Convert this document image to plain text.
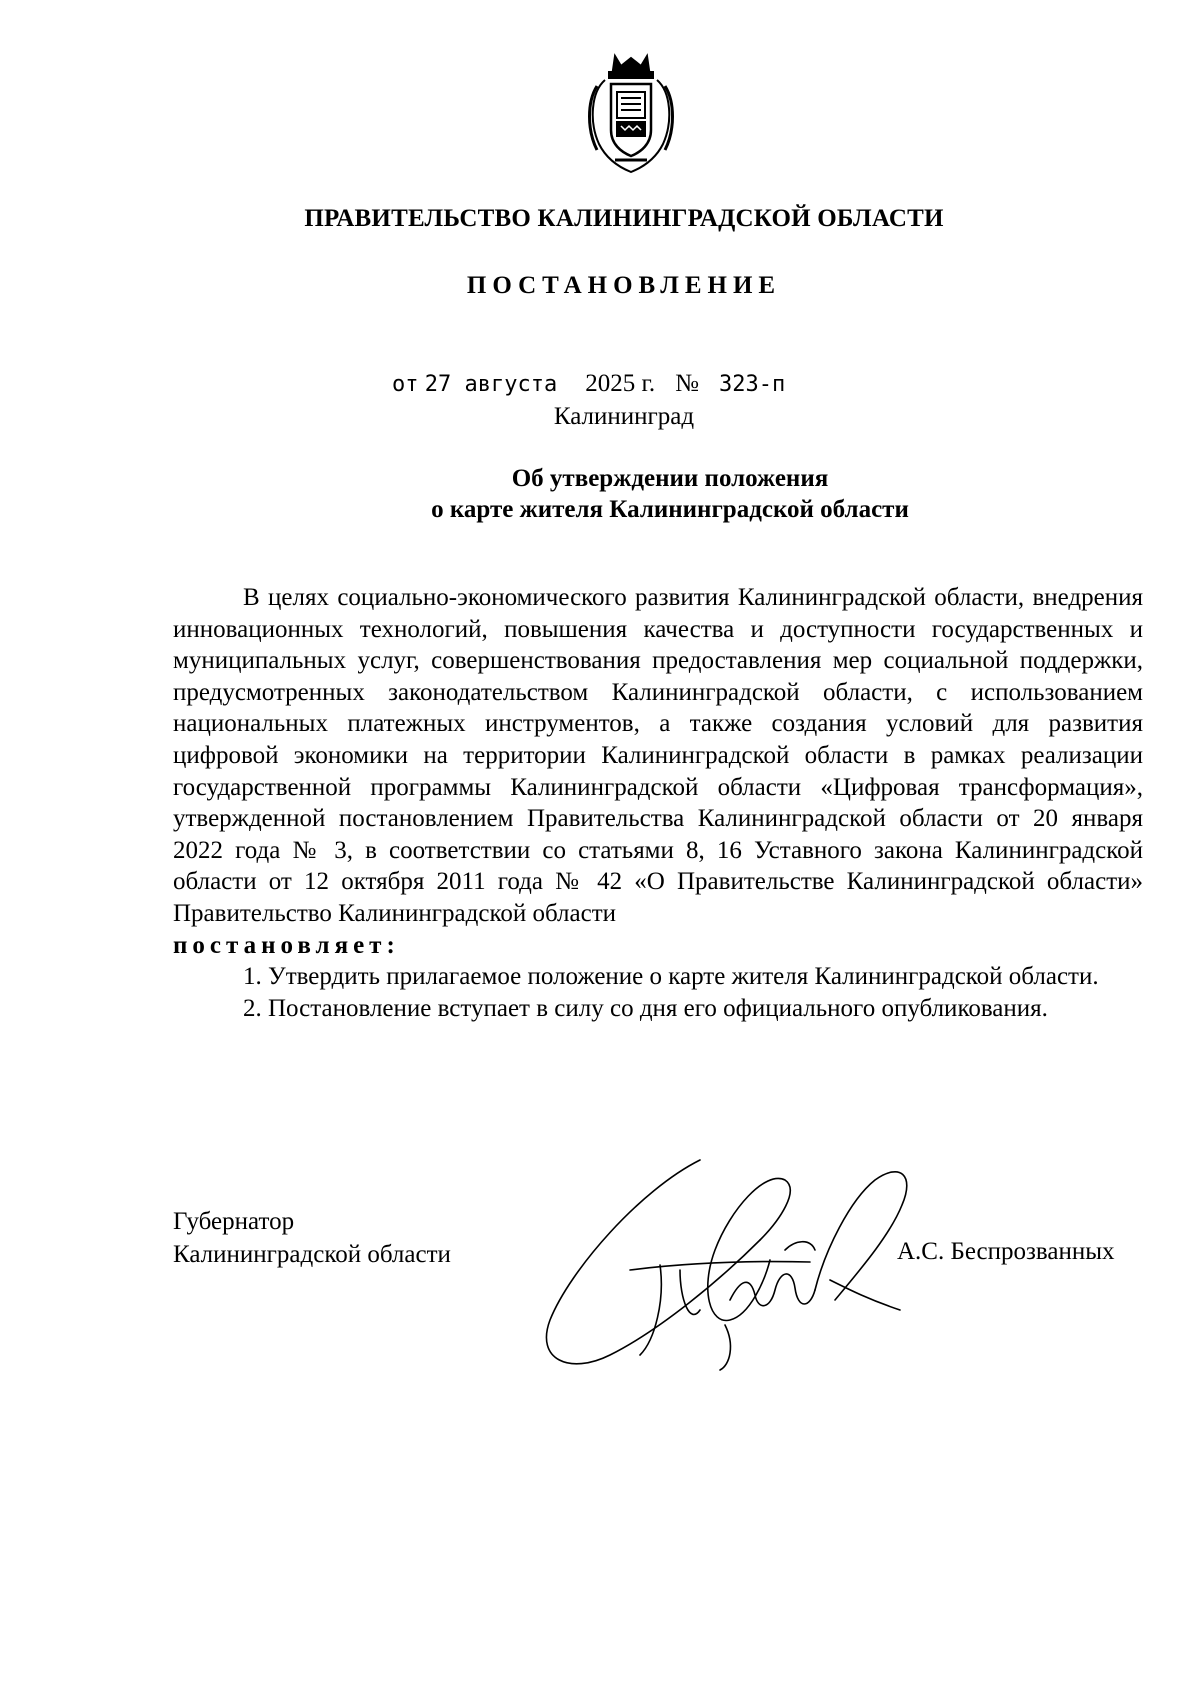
ПРАВИТЕЛЬСТВО КАЛИНИНГРАДСКОЙ ОБЛАСТИ
ПОСТАНОВЛЕНИЕ
от 27 августа 2025 г. № 323-п
Калининград
Об утверждении положения
о карте жителя Калининградской области

В целях социально-экономического развития Калининградской области, внедрения инновационных технологий, повышения качества и доступности государственных и муниципальных услуг, совершенствования предоставления мер социальной поддержки, предусмотренных законодательством Калининградской области, с использованием национальных платежных инструментов, а также создания условий для развития цифровой экономики на территории Калининградской области в рамках реализации государственной программы Калининградской области «Цифровая трансформация», утвержденной постановлением Правительства Калининградской области от 20 января 2022 года № 3, в соответствии со статьями 8, 16 Уставного закона Калининградской области от 12 октября 2011 года № 42 «О Правительстве Калининградской области» Правительство Калининградской области
постановляет:

1. Утвердить прилагаемое положение о карте жителя Калининградской области.

2. Постановление вступает в силу со дня его официального опубликования.

Губернатор
Калининградской области	А.С. Беспрозванных
